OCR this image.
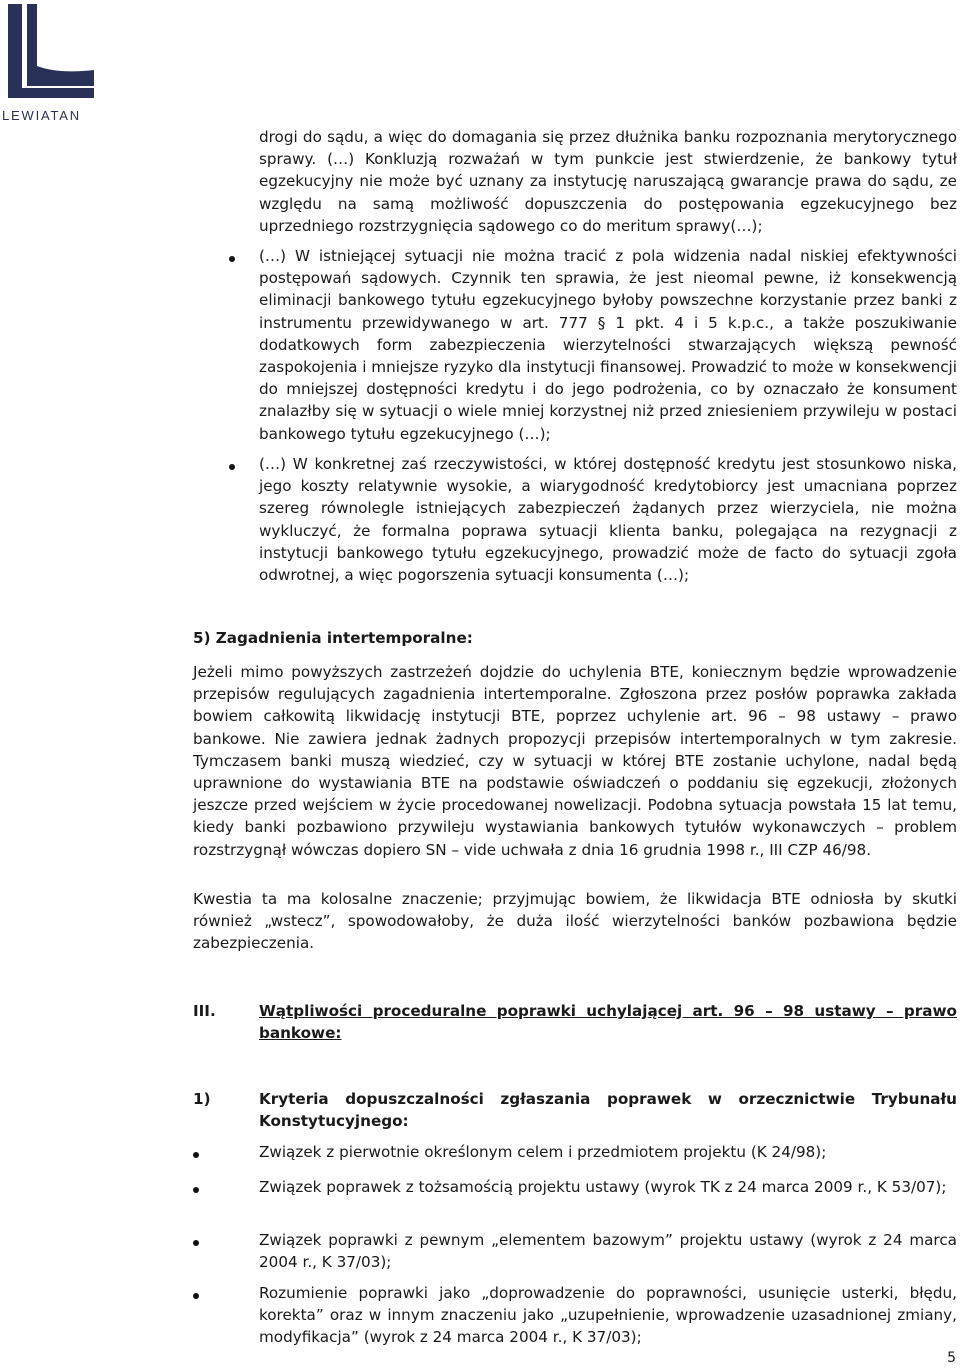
LEWIATAN

drogi do sądu, a więc do domagania się przez dłużnika banku rozpoznania merytorycznego sprawy. (…) Konkluzją rozważań w tym punkcie jest stwierdzenie, że bankowy tytuł egzekucyjny nie może być uznany za instytucję naruszającą gwarancje prawa do sądu, ze względu na samą możliwość dopuszczenia do postępowania egzekucyjnego bez uprzedniego rozstrzygnięcia sądowego co do meritum sprawy(…);

(…) W istniejącej sytuacji nie można tracić z pola widzenia nadal niskiej efektywności postępowań sądowych. Czynnik ten sprawia, że jest nieomal pewne, iż konsekwencją eliminacji bankowego tytułu egzekucyjnego byłoby powszechne korzystanie przez banki z instrumentu przewidywanego w art. 777 § 1 pkt. 4 i 5 k.p.c., a także poszukiwanie dodatkowych form zabezpieczenia wierzytelności stwarzających większą pewność zaspokojenia i mniejsze ryzyko dla instytucji finansowej. Prowadzić to może w konsekwencji do mniejszej dostępności kredytu i do jego podrożenia, co by oznaczało że konsument znalazłby się w sytuacji o wiele mniej korzystnej niż przed zniesieniem przywileju w postaci bankowego tytułu egzekucyjnego (…);

(…) W konkretnej zaś rzeczywistości, w której dostępność kredytu jest stosunkowo niska, jego koszty relatywnie wysokie, a wiarygodność kredytobiorcy jest umacniana poprzez szereg równolegle istniejących zabezpieczeń żądanych przez wierzyciela, nie można wykluczyć, że formalna poprawa sytuacji klienta banku, polegająca na rezygnacji z instytucji bankowego tytułu egzekucyjnego, prowadzić może de facto do sytuacji zgoła odwrotnej, a więc pogorszenia sytuacji konsumenta (…);

5) Zagadnienia intertemporalne:

Jeżeli mimo powyższych zastrzeżeń dojdzie do uchylenia BTE, koniecznym będzie wprowadzenie przepisów regulujących zagadnienia intertemporalne. Zgłoszona przez posłów poprawka zakłada bowiem całkowitą likwidację instytucji BTE, poprzez uchylenie art. 96 – 98 ustawy – prawo bankowe. Nie zawiera jednak żadnych propozycji przepisów intertemporalnych w tym zakresie. Tymczasem banki muszą wiedzieć, czy w sytuacji w której BTE zostanie uchylone, nadal będą uprawnione do wystawiania BTE na podstawie oświadczeń o poddaniu się egzekucji, złożonych jeszcze przed wejściem w życie procedowanej nowelizacji. Podobna sytuacja powstała 15 lat temu, kiedy banki pozbawiono przywileju wystawiania bankowych tytułów wykonawczych – problem rozstrzygnął wówczas dopiero SN – vide uchwała z dnia 16 grudnia 1998 r., III CZP 46/98.

Kwestia ta ma kolosalne znaczenie; przyjmując bowiem, że likwidacja BTE odniosła by skutki również „wstecz”, spowodowałoby, że duża ilość wierzytelności banków pozbawiona będzie zabezpieczenia.

III.	Wątpliwości proceduralne poprawki uchylającej art. 96 – 98 ustawy – prawo bankowe:

1)	Kryteria dopuszczalności zgłaszania poprawek w orzecznictwie Trybunału Konstytucyjnego:

Związek z pierwotnie określonym celem i przedmiotem projektu (K 24/98);

Związek poprawek z tożsamością projektu ustawy (wyrok TK z 24 marca 2009 r., K 53/07);

Związek poprawki z pewnym „elementem bazowym” projektu ustawy (wyrok z 24 marca 2004 r., K 37/03);

Rozumienie poprawki jako „doprowadzenie do poprawności, usunięcie usterki, błędu, korekta” oraz w innym znaczeniu jako „uzupełnienie, wprowadzenie uzasadnionej zmiany, modyfikacja” (wyrok z 24 marca 2004 r., K 37/03);

5
